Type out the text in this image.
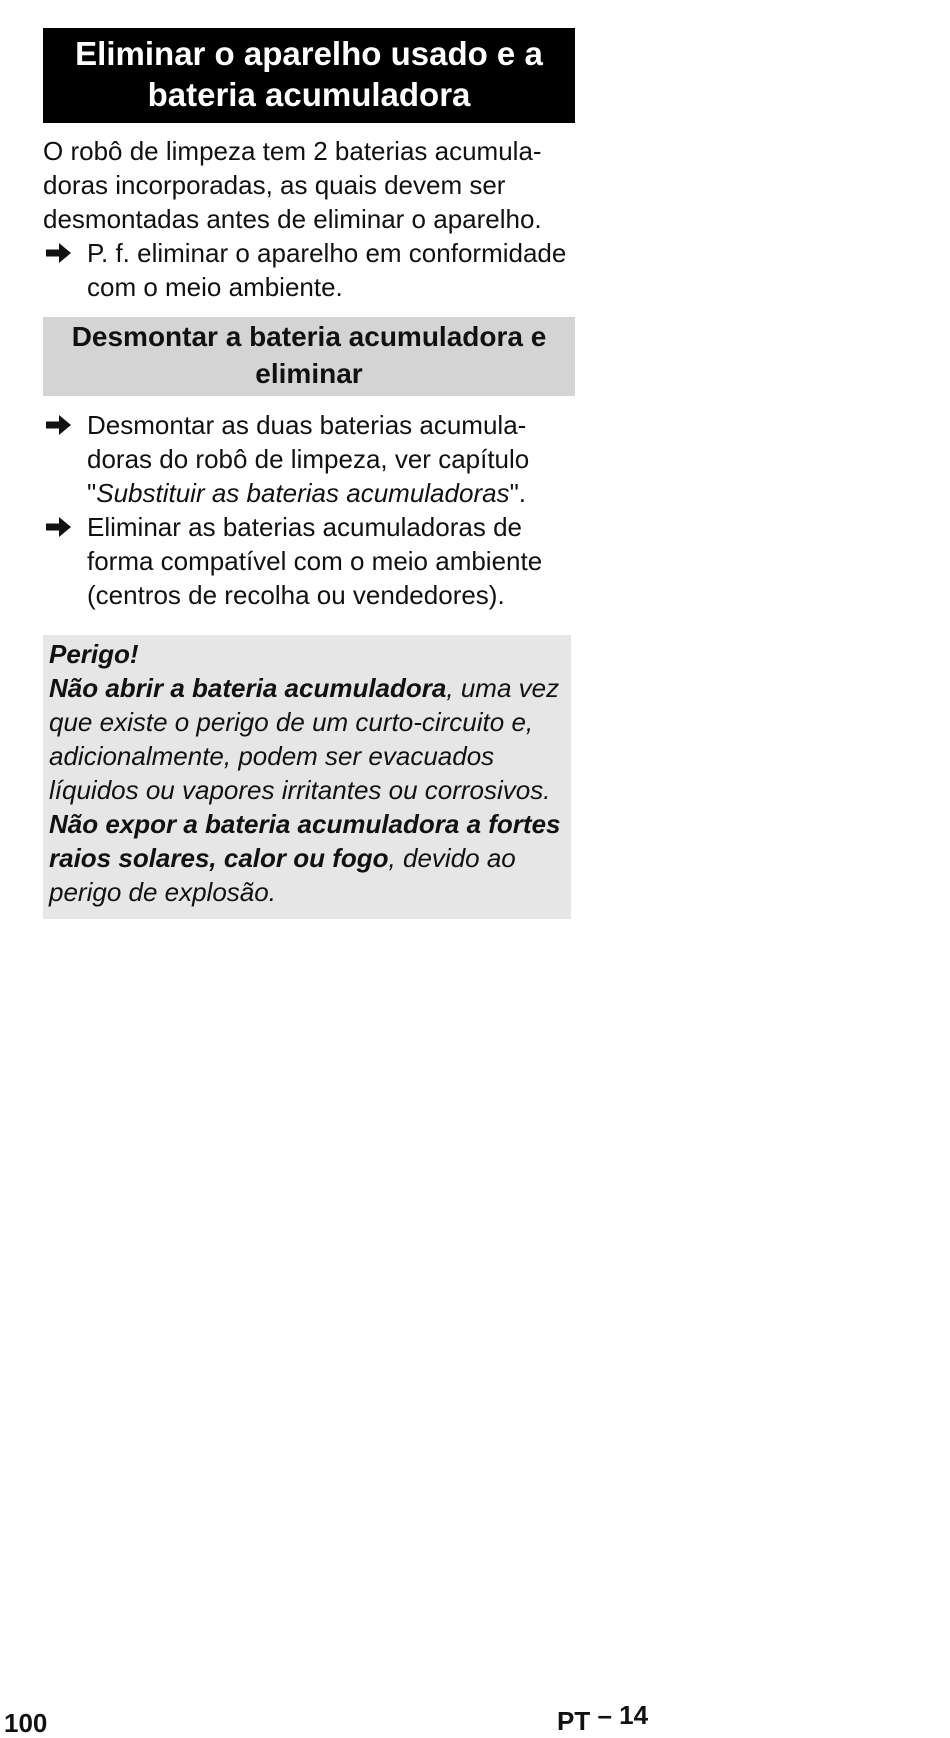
Eliminar o aparelho usado e a bateria acumuladora
O robô de limpeza tem 2 baterias acumuladoras incorporadas, as quais devem ser desmontadas antes de eliminar o aparelho.
P. f. eliminar o aparelho em conformidade com o meio ambiente.
Desmontar a bateria acumuladora e eliminar
Desmontar as duas baterias acumuladoras do robô de limpeza, ver capítulo "Substituir as baterias acumuladoras".
Eliminar as baterias acumuladoras de forma compatível com o meio ambiente (centros de recolha ou vendedores).
Perigo!
Não abrir a bateria acumuladora, uma vez que existe o perigo de um curto-circuito e, adicionalmente, podem ser evacuados líquidos ou vapores irritantes ou corrosivos.
Não expor a bateria acumuladora a fortes raios solares, calor ou fogo, devido ao perigo de explosão.
100	PT – 14
